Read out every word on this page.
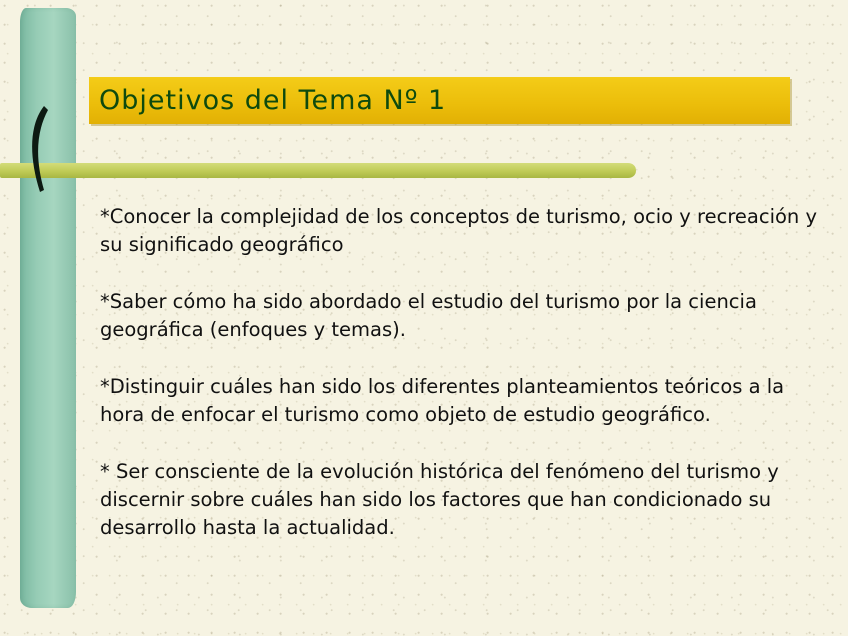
Objetivos del Tema Nº 1

*Conocer la complejidad de los conceptos de turismo, ocio y recreación y su significado geográfico

*Saber cómo ha sido abordado el estudio del turismo por la ciencia geográfica (enfoques y temas).

*Distinguir cuáles han sido los diferentes planteamientos teóricos a la hora de enfocar el turismo como objeto de estudio geográfico.

* Ser consciente de la evolución histórica del fenómeno del turismo y discernir sobre cuáles han sido los factores que han condicionado su desarrollo hasta la actualidad.
